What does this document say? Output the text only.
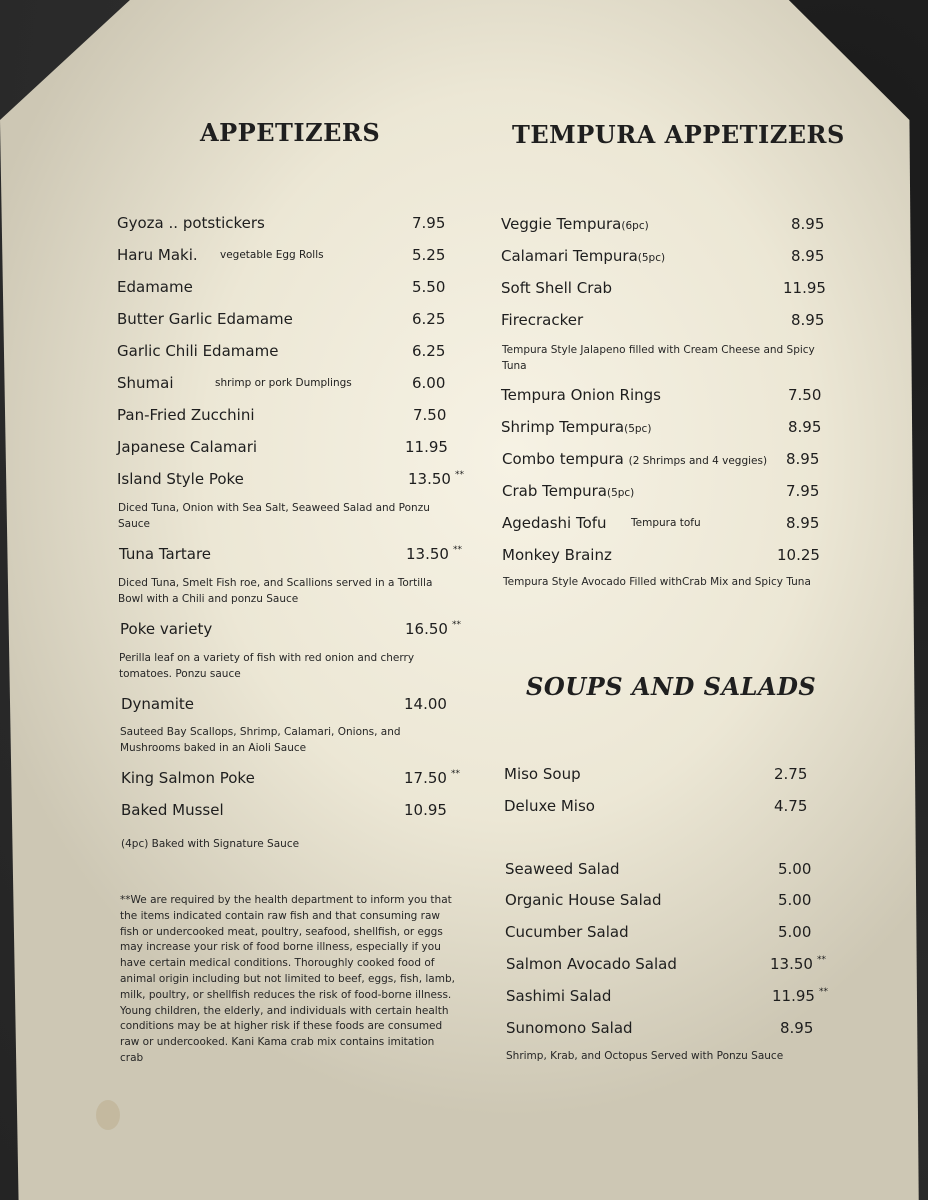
APPETIZERS
Gyoza .. potstickers	7.95
Haru Maki. vegetable Egg Rolls	5.25
Edamame	5.50
Butter Garlic Edamame	6.25
Garlic Chili Edamame	6.25
Shumai	shrimp or pork Dumplings	6.00
Pan-Fried Zucchini	7.50
Japanese Calamari	11.95
Island Style Poke	13.50 **
Diced Tuna, Onion with Sea Salt, Seaweed Salad and Ponzu Sauce
Tuna Tartare	13.50 **
Diced Tuna, Smelt Fish roe, and Scallions served in a Tortilla Bowl with a Chili and ponzu Sauce
Poke variety	16.50 **
Perilla leaf on a variety of fish with red onion and cherry tomatoes. Ponzu sauce
Dynamite	14.00
Sauteed Bay Scallops, Shrimp, Calamari, Onions, and Mushrooms baked in an Aioli Sauce
King Salmon Poke	17.50 **
Baked Mussel	10.95
(4pc) Baked with Signature Sauce
**We are required by the health department to inform you that the items indicated contain raw fish and that consuming raw fish or undercooked meat, poultry, seafood, shellfish, or eggs may increase your risk of food borne illness, especially if you have certain medical conditions. Thoroughly cooked food of animal origin including but not limited to beef, eggs, fish, lamb, milk, poultry, or shellfish reduces the risk of food-borne illness. Young children, the elderly, and individuals with certain health conditions may be at higher risk if these foods are consumed raw or undercooked. Kani Kama crab mix contains imitation crab
TEMPURA APPETIZERS
Veggie Tempura(6pc)	8.95
Calamari Tempura(5pc)	8.95
Soft Shell Crab	11.95
Firecracker	8.95
Tempura Style Jalapeno filled with Cream Cheese and Spicy Tuna
Tempura Onion Rings	7.50
Shrimp Tempura(5pc)	8.95
Combo tempura (2 Shrimps and 4 veggies) 8.95
Crab Tempura(5pc)	7.95
Agedashi Tofu Tempura tofu	8.95
Monkey Brainz	10.25
Tempura Style Avocado Filled withCrab Mix and Spicy Tuna
SOUPS AND SALADS
Miso Soup	2.75
Deluxe Miso	4.75
Seaweed Salad	5.00
Organic House Salad	5.00
Cucumber Salad	5.00
Salmon Avocado Salad	13.50 **
Sashimi Salad	11.95 **
Sunomono Salad	8.95
Shrimp, Krab, and Octopus Served with Ponzu Sauce
